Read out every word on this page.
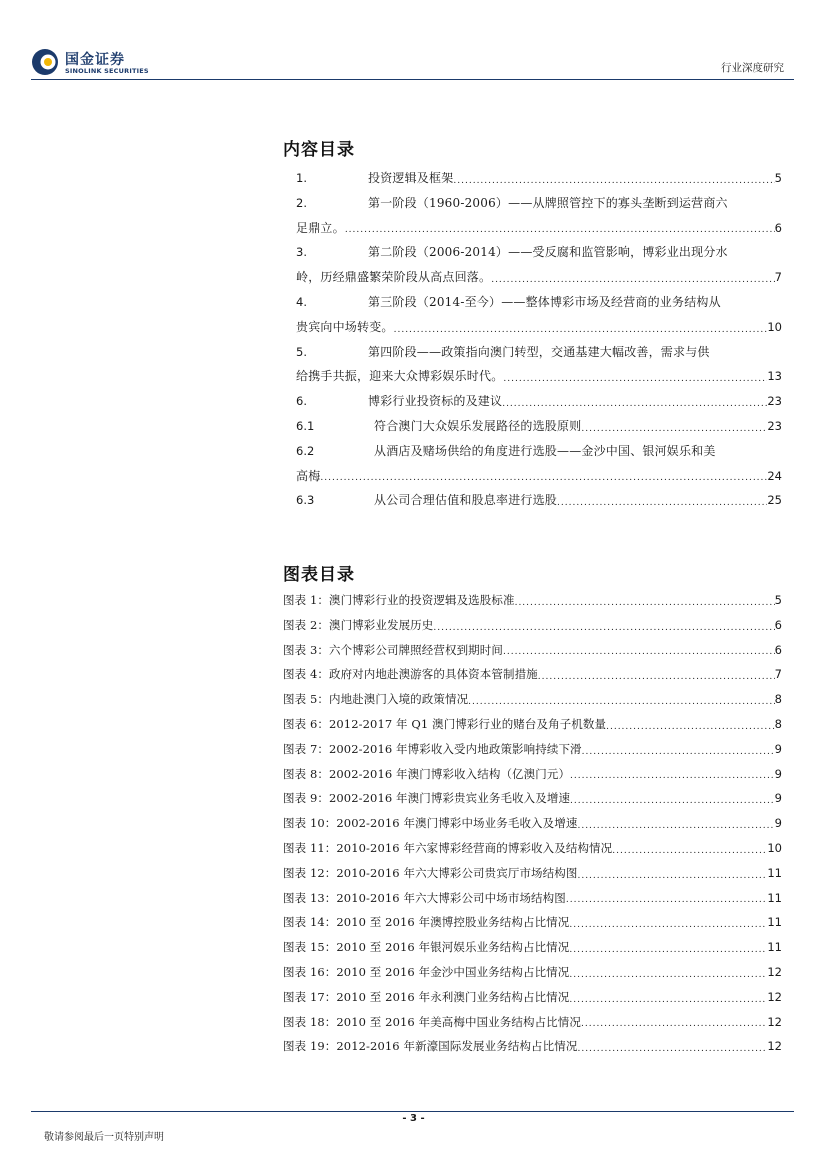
国金证券
SINOLINK SECURITIES	行业深度研究
内容目录
1.	投资逻辑及框架 .....	5
2.	第一阶段（1960-2006）——从牌照管控下的寡头垄断到运营商六
足鼎立。 .....	6
3.	第二阶段（2006-2014）——受反腐和监管影响，博彩业出现分水
岭，历经鼎盛繁荣阶段从高点回落。 .....	7
4.	第三阶段（2014-至今）——整体博彩市场及经营商的业务结构从
贵宾向中场转变。 .....	10
5.	第四阶段——政策指向澳门转型，交通基建大幅改善，需求与供
给携手共振，迎来大众博彩娱乐时代。 .....	13
6.	博彩行业投资标的及建议 .....	23
6.1	符合澳门大众娱乐发展路径的选股原则 .....	23
6.2	从酒店及赌场供给的角度进行选股——金沙中国、银河娱乐和美
高梅 .....	24
6.3	从公司合理估值和股息率进行选股 .....	25
图表目录
图表 1：澳门博彩行业的投资逻辑及选股标准 .....	5
图表 2：澳门博彩业发展历史 .....	6
图表 3：六个博彩公司牌照经营权到期时间 .....	6
图表 4：政府对内地赴澳游客的具体资本管制措施 .....	7
图表 5：内地赴澳门入境的政策情况 .....	8
图表 6：2012-2017 年 Q1 澳门博彩行业的赌台及角子机数量 .....	8
图表 7：2002-2016 年博彩收入受内地政策影响持续下滑 .....	9
图表 8：2002-2016 年澳门博彩收入结构（亿澳门元） .....	9
图表 9：2002-2016 年澳门博彩贵宾业务毛收入及增速 .....	9
图表 10：2002-2016 年澳门博彩中场业务毛收入及增速 .....	9
图表 11：2010-2016 年六家博彩经营商的博彩收入及结构情况 .....	10
图表 12：2010-2016 年六大博彩公司贵宾厅市场结构图 .....	11
图表 13：2010-2016 年六大博彩公司中场市场结构图 .....	11
图表 14：2010 至 2016 年澳博控股业务结构占比情况 .....	11
图表 15：2010 至 2016 年银河娱乐业务结构占比情况 .....	11
图表 16：2010 至 2016 年金沙中国业务结构占比情况 .....	12
图表 17：2010 至 2016 年永利澳门业务结构占比情况 .....	12
图表 18：2010 至 2016 年美高梅中国业务结构占比情况 .....	12
图表 19：2012-2016 年新濠国际发展业务结构占比情况 .....	12
- 3 -
敬请参阅最后一页特别声明
